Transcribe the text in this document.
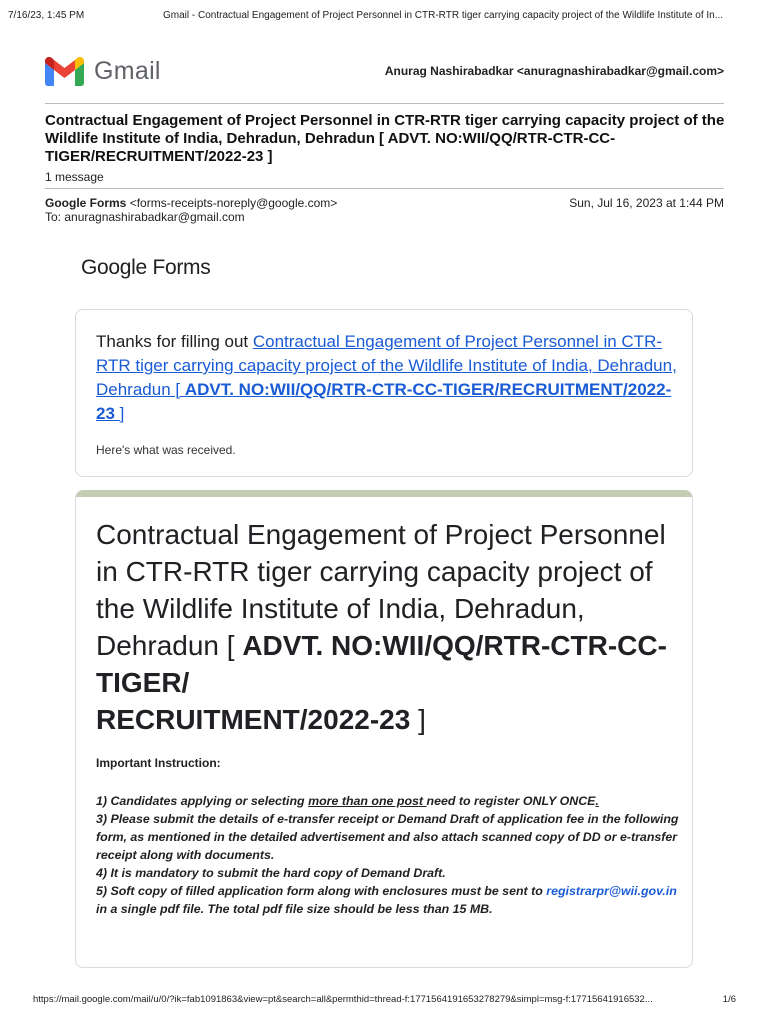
7/16/23, 1:45 PM	Gmail - Contractual Engagement of Project Personnel in CTR-RTR tiger carrying capacity project of the Wildlife Institute of In...
Gmail	Anurag Nashirabadkar <anuragnashirabadkar@gmail.com>
Contractual Engagement of Project Personnel in CTR-RTR tiger carrying capacity project of the Wildlife Institute of India, Dehradun, Dehradun [ ADVT. NO:WII/QQ/RTR-CTR-CC-TIGER/RECRUITMENT/2022-23 ]
1 message
Google Forms <forms-receipts-noreply@google.com>	Sun, Jul 16, 2023 at 1:44 PM
To: anuragnashirabadkar@gmail.com
Google Forms
Thanks for filling out Contractual Engagement of Project Personnel in CTR-RTR tiger carrying capacity project of the Wildlife Institute of India, Dehradun, Dehradun [ ADVT. NO:WII/QQ/RTR-CTR-CC-TIGER/RECRUITMENT/2022-23 ]
Here's what was received.
Contractual Engagement of Project Personnel in CTR-RTR tiger carrying capacity project of the Wildlife Institute of India, Dehradun, Dehradun [ ADVT. NO:WII/QQ/RTR-CTR-CC-TIGER/
RECRUITMENT/2022-23 ]
Important Instruction:

1) Candidates applying or selecting more than one post need to register ONLY ONCE.

3) Please submit the details of e-transfer receipt or Demand Draft of application fee in the following form, as mentioned in the detailed advertisement and also attach scanned copy of DD or e-transfer receipt along with documents.

4) It is mandatory to submit the hard copy of Demand Draft.

5) Soft copy of filled application form along with enclosures must be sent to registrarpr@wii.gov.in in a single pdf file. The total pdf file size should be less than 15 MB.

https://mail.google.com/mail/u/0/?ik=fab1091863&view=pt&search=all&permthid=thread-f:1771564191653278279&simpl=msg-f:17715641916532...	1/6
